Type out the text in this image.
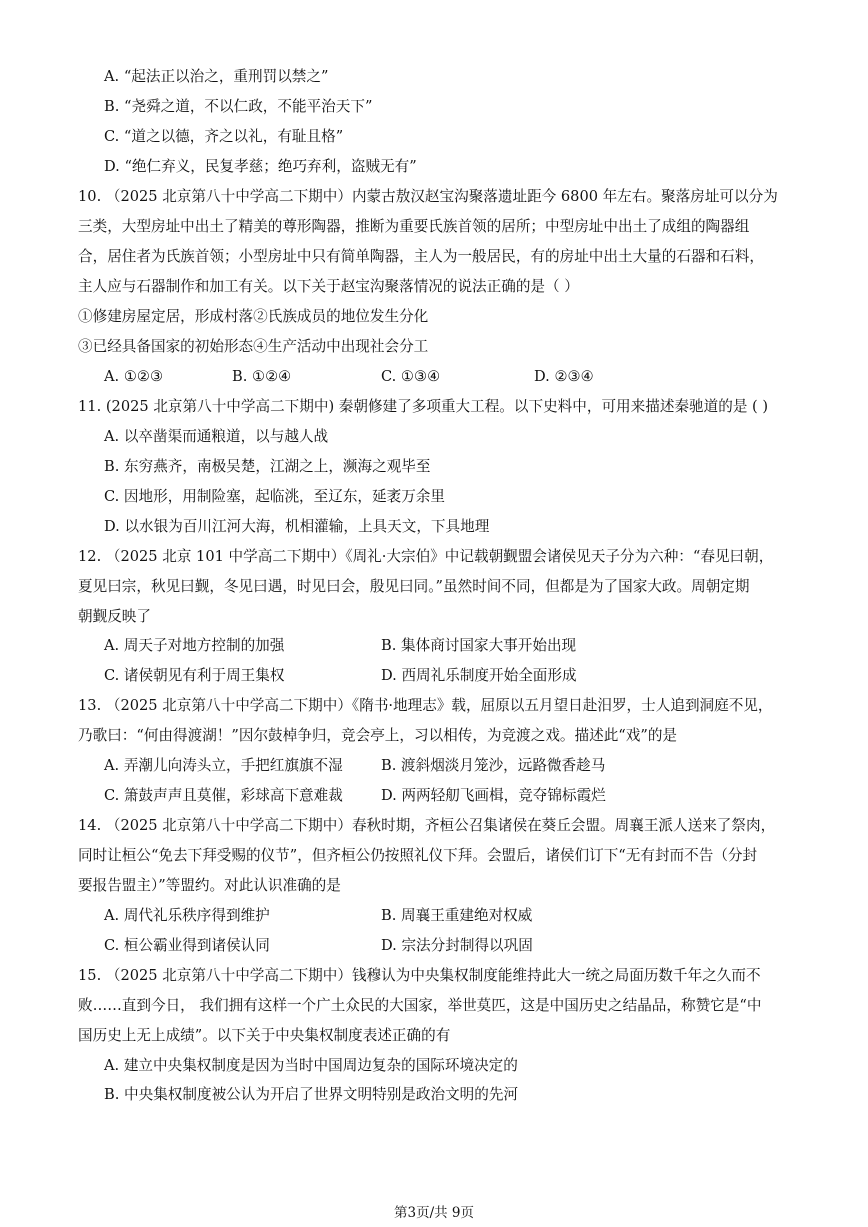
A. “起法正以治之，重刑罚以禁之”
B. “尧舜之道，不以仁政，不能平治天下”
C. “道之以德，齐之以礼，有耻且格”
D. “绝仁弃义，民复孝慈；绝巧弃利，盗贼无有”
10. （2025 北京第八十中学高二下期中）内蒙古敖汉赵宝沟聚落遗址距今 6800 年左右。聚落房址可以分为
三类，大型房址中出土了精美的尊形陶器，推断为重要氏族首领的居所；中型房址中出土了成组的陶器组
合，居住者为氏族首领；小型房址中只有简单陶器，主人为一般居民，有的房址中出土大量的石器和石料，
主人应与石器制作和加工有关。以下关于赵宝沟聚落情况的说法正确的是（ ）
①修建房屋定居，形成村落②氏族成员的地位发生分化
③已经具备国家的初始形态④生产活动中出现社会分工
A. ①②③	B. ①②④	C. ①③④	D. ②③④
11. (2025 北京第八十中学高二下期中) 秦朝修建了多项重大工程。以下史料中，可用来描述秦驰道的是 ( )
A. 以卒凿渠而通粮道，以与越人战
B. 东穷燕齐，南极吴楚，江湖之上，濒海之观毕至
C. 因地形，用制险塞，起临洮，至辽东，延袤万余里
D. 以水银为百川江河大海，机相灌输，上具天文，下具地理
12. （2025 北京 101 中学高二下期中）《周礼·大宗伯》中记载朝觐盟会诸侯见天子分为六种：“春见曰朝，
夏见曰宗，秋见曰觐，冬见曰遇，时见曰会，殷见曰同。”虽然时间不同，但都是为了国家大政。周朝定期
朝觐反映了
A. 周天子对地方控制的加强	B. 集体商讨国家大事开始出现
C. 诸侯朝见有利于周王集权	D. 西周礼乐制度开始全面形成
13. （2025 北京第八十中学高二下期中）《隋书·地理志》载，屈原以五月望日赴汨罗，士人追到洞庭不见，
乃歌曰：“何由得渡湖！”因尔鼓棹争归，竞会亭上，习以相传，为竞渡之戏。描述此“戏”的是
A. 弄潮儿向涛头立，手把红旗旗不湿	B. 渡斜烟淡月笼沙，远路微香趁马
C. 箫鼓声声且莫催，彩球高下意难裁	D. 两两轻舠飞画楫，竞夺锦标霞烂
14. （2025 北京第八十中学高二下期中）春秋时期，齐桓公召集诸侯在葵丘会盟。周襄王派人送来了祭肉，
同时让桓公“免去下拜受赐的仪节”，但齐桓公仍按照礼仪下拜。会盟后，诸侯们订下“无有封而不告（分封
要报告盟主）”等盟约。对此认识准确的是
A. 周代礼乐秩序得到维护	B. 周襄王重建绝对权威
C. 桓公霸业得到诸侯认同	D. 宗法分封制得以巩固
15. （2025 北京第八十中学高二下期中）钱穆认为中央集权制度能维持此大一统之局面历数千年之久而不
败……直到今日， 我们拥有这样一个广土众民的大国家，举世莫匹，这是中国历史之结晶品，称赞它是“中
国历史上无上成绩”。以下关于中央集权制度表述正确的有
A. 建立中央集权制度是因为当时中国周边复杂的国际环境决定的
B. 中央集权制度被公认为开启了世界文明特别是政治文明的先河
第3页/共 9页
